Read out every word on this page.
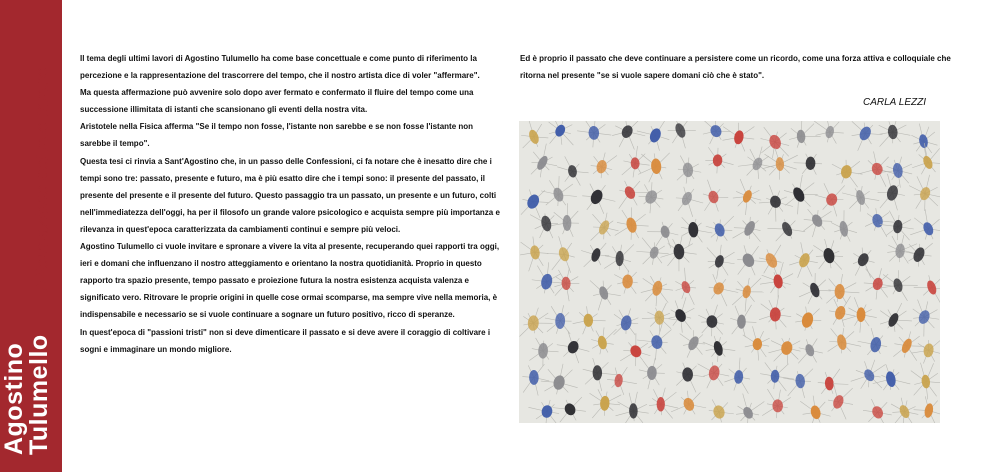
Agostino
Tulumello
Affermazione del mio tempo

Il tema degli ultimi lavori di Agostino Tulumello ha come base concettuale e come punto di riferimento la percezione e la rappresentazione del trascorrere del tempo, che il nostro artista dice di voler "affermare".

Ma questa affermazione può avvenire solo dopo aver fermato e confermato il fluire del tempo come una successione illimitata di istanti che scansionano gli eventi della nostra vita.

Aristotele nella Fisica afferma "Se il tempo non fosse, l'istante non sarebbe e se non fosse l'istante non sarebbe il tempo".

Questa tesi ci rinvia a Sant'Agostino che, in un passo delle Confessioni, ci fa notare che è inesatto dire che i tempi sono tre: passato, presente e futuro, ma è più esatto dire che i tempi sono: il presente del passato, il presente del presente e il presente del futuro. Questo passaggio tra un passato, un presente e un futuro, colti nell'immediatezza dell'oggi, ha per il filosofo un grande valore psicologico e acquista sempre più importanza e rilevanza in quest'epoca caratterizzata da cambiamenti continui e sempre più veloci.

Agostino Tulumello ci vuole invitare e spronare a vivere la vita al presente, recuperando quei rapporti tra oggi, ieri e domani che influenzano il nostro atteggiamento e orientano la nostra quotidianità. Proprio in questo rapporto tra spazio presente, tempo passato e proiezione futura la nostra esistenza acquista valenza e significato vero. Ritrovare le proprie origini in quelle cose ormai scomparse, ma sempre vive nella memoria, è indispensabile e necessario se si vuole continuare a sognare un futuro positivo, ricco di speranze.

In quest'epoca di "passioni tristi" non si deve dimenticare il passato e si deve avere il coraggio di coltivare i sogni e immaginare un mondo migliore.

Ed è proprio il passato che deve continuare a persistere come un ricordo, come una forza attiva e colloquiale che ritorna nel presente "se si vuole sapere domani ciò che è stato".

CARLA LEZZI
